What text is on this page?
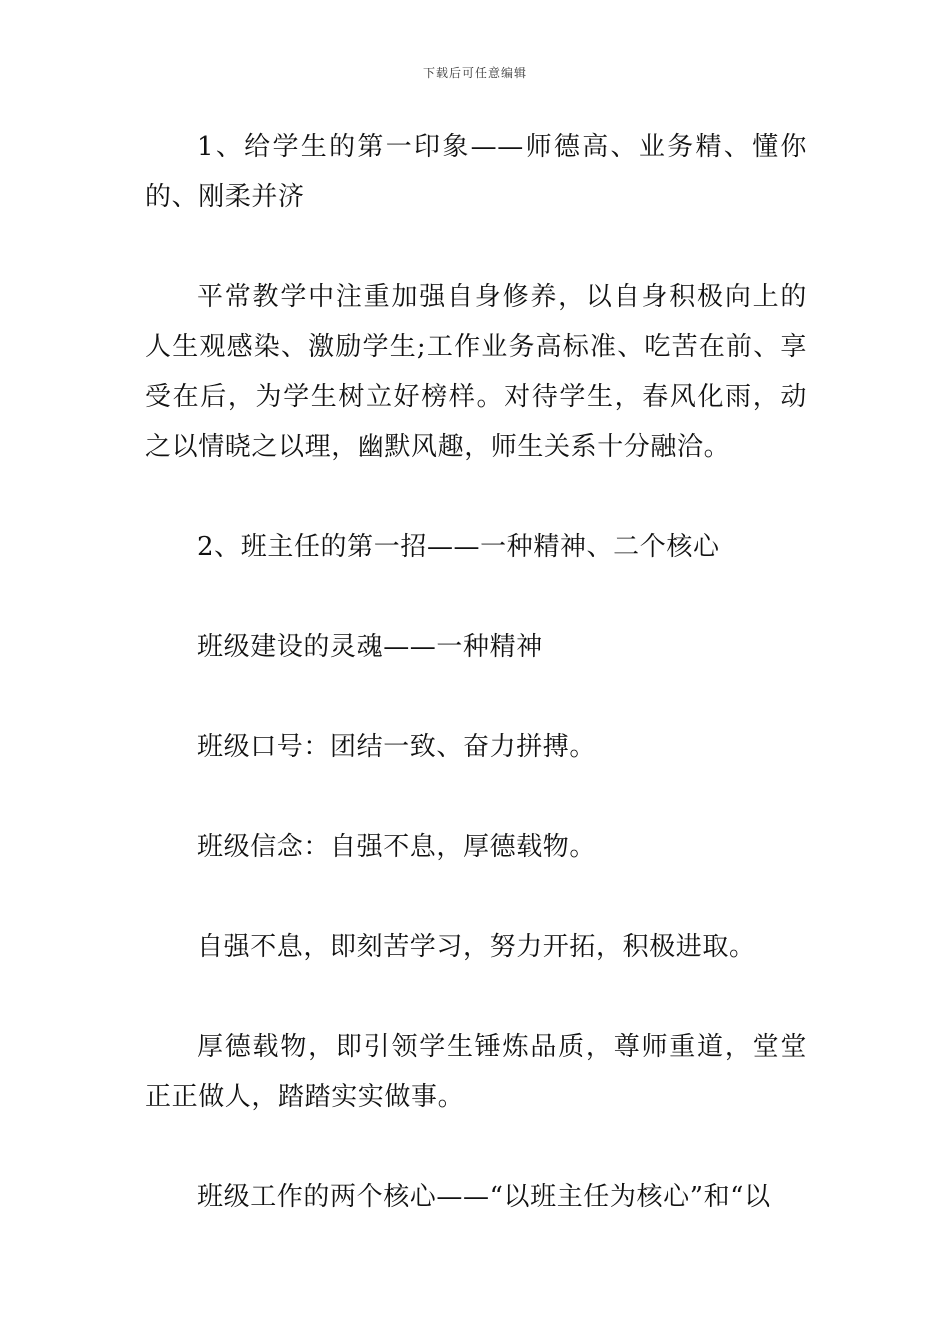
下载后可任意编辑

1、给学生的第一印象——师德高、业务精、懂你的、刚柔并济

平常教学中注重加强自身修养，以自身积极向上的人生观感染、激励学生;工作业务高标准、吃苦在前、享受在后，为学生树立好榜样。对待学生，春风化雨，动之以情晓之以理，幽默风趣，师生关系十分融洽。

2、班主任的第一招——一种精神、二个核心

班级建设的灵魂——一种精神

班级口号：团结一致、奋力拼搏。

班级信念：自强不息，厚德载物。

自强不息，即刻苦学习，努力开拓，积极进取。

厚德载物，即引领学生锤炼品质，尊师重道，堂堂正正做人，踏踏实实做事。

班级工作的两个核心——“以班主任为核心”和“以
